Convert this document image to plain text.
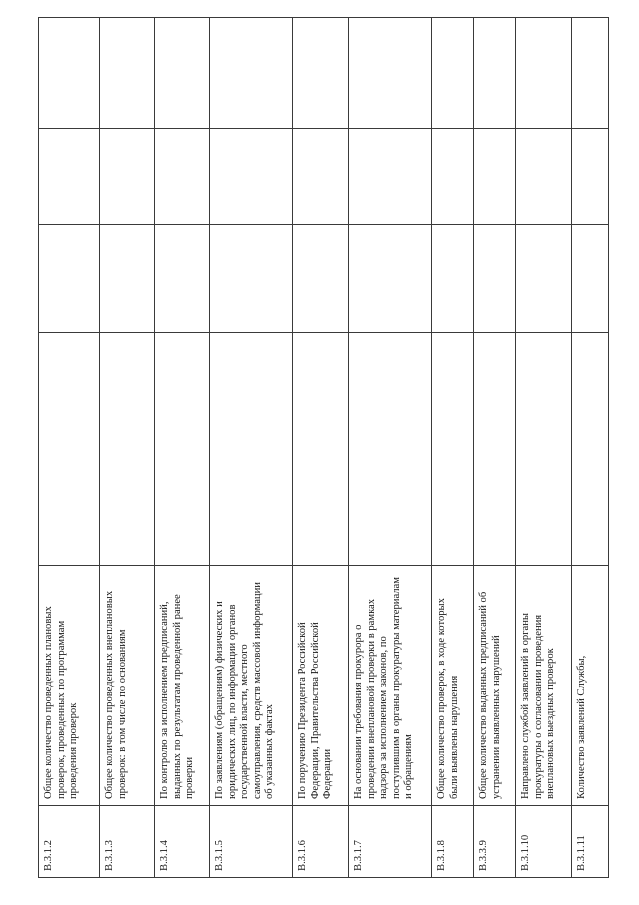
В.3.1.2	Общее количество проведенных плановых проверок, проведенных по программам проведения проверок				
В.3.1.3	Общее количество проведенных внеплановых проверок: в том числе по основаниям				
В.3.1.4	По контролю за исполнением предписаний, выданных по результатам проведенной ранее проверки				
В.3.1.5	По заявлениям (обращениям) физических и юридических лиц, по информации органов государственной власти, местного самоуправления, средств массовой информации об указанных фактах				
В.3.1.6	По поручению Президента Российской Федерации, Правительства Российской Федерации				
В.3.1.7	На основании требования прокурора о проведении внеплановой проверки в рамках надзора за исполнением законов, по поступившим в органы прокуратуры материалам и обращениям				
В.3.1.8	Общее количество проверок, в ходе которых были выявлены нарушения				
В.3.3.9	Общее количество выданных предписаний об устранении выявленных нарушений				
В.3.1.10	Направлено службой заявлений в органы прокуратуры о согласовании проведения внеплановых выездных проверок				
В.3.1.11	Количество заявлений Службы,				
